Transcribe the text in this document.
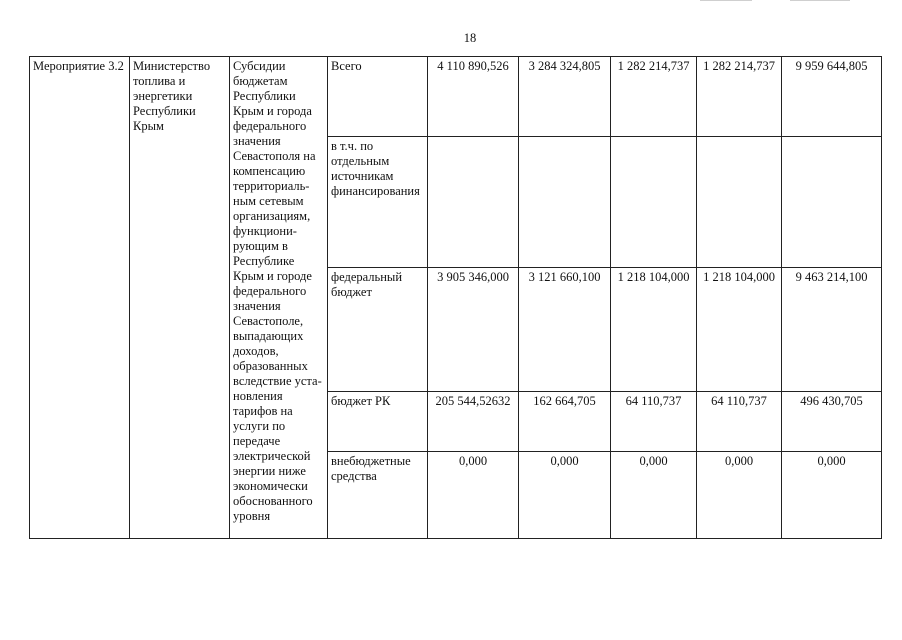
18
Мероприятие 3.2	Министерство топлива и энергетики Республики Крым	Субсидии бюджетам Республики Крым и города федерального значения Севастополя на компенсацию территориаль-ным сетевым организациям, функциони-рующим в Республике Крым и городе федерального значения Севастополе, выпадающих доходов, образованных вследствие уста-новления тарифов на услуги по передаче электрической энергии ниже экономически обоснованного уровня	Всего	4 110 890,526	3 284 324,805	1 282 214,737	1 282 214,737	9 959 644,805
			в т.ч. по отдельным источникам финансирования					
			федеральный бюджет	3 905 346,000	3 121 660,100	1 218 104,000	1 218 104,000	9 463 214,100
			бюджет РК	205 544,52632	162 664,705	64 110,737	64 110,737	496 430,705
			внебюджетные средства	0,000	0,000	0,000	0,000	0,000
